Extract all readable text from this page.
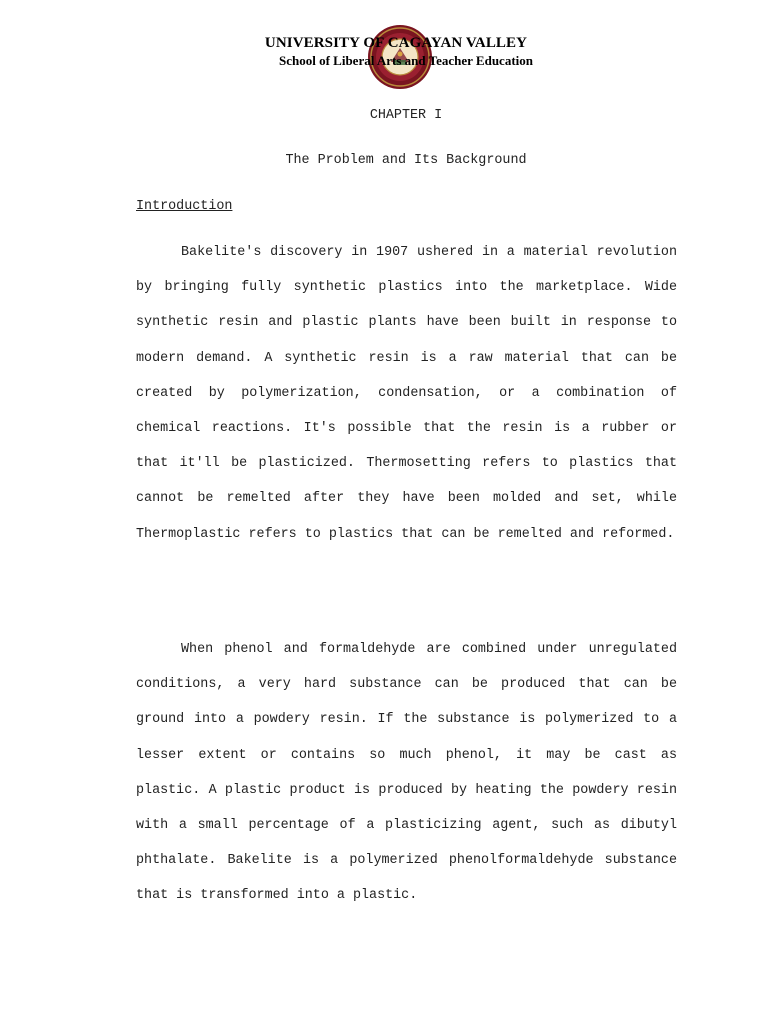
UNIVERSITY OF CAGAYAN VALLEY
School of Liberal Arts and Teacher Education
CHAPTER I
The Problem and Its Background
Introduction

Bakelite's discovery in 1907 ushered in a material revolution by bringing fully synthetic plastics into the marketplace. Wide synthetic resin and plastic plants have been built in response to modern demand. A synthetic resin is a raw material that can be created by polymerization, condensation, or a combination of chemical reactions. It's possible that the resin is a rubber or that it'll be plasticized. Thermosetting refers to plastics that cannot be remelted after they have been molded and set, while Thermoplastic refers to plastics that can be remelted and reformed.

When phenol and formaldehyde are combined under unregulated conditions, a very hard substance can be produced that can be ground into a powdery resin. If the substance is polymerized to a lesser extent or contains so much phenol, it may be cast as plastic. A plastic product is produced by heating the powdery resin with a small percentage of a plasticizing agent, such as dibutyl phthalate. Bakelite is a polymerized phenolformaldehyde substance that is transformed into a plastic.
